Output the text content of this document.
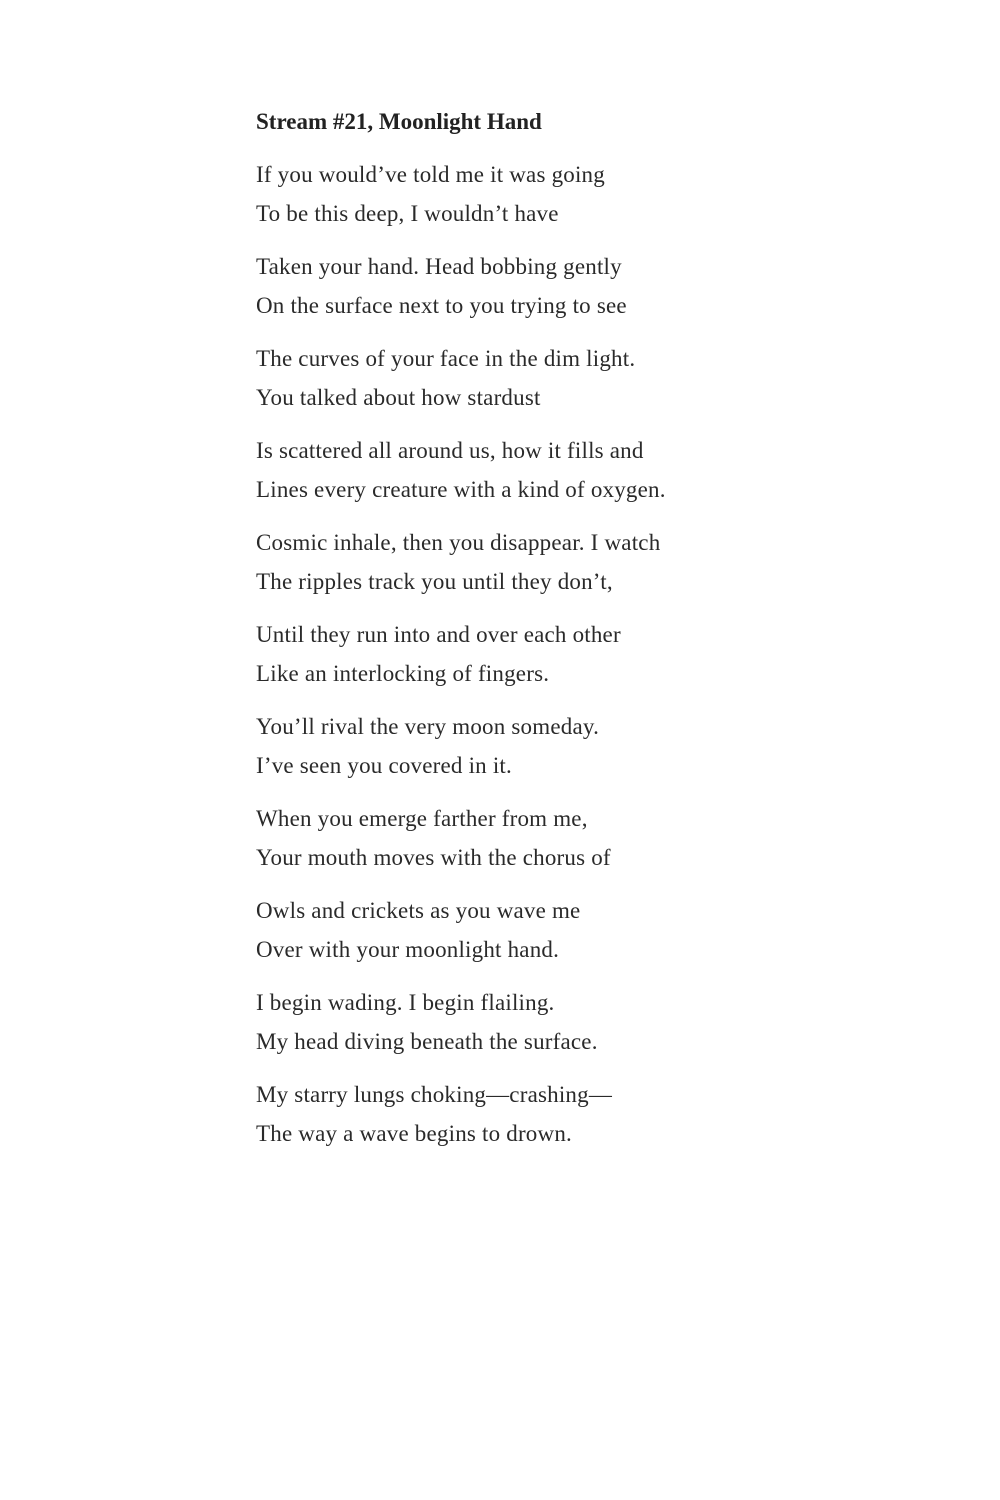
Stream #21, Moonlight Hand
If you would’ve told me it was going
To be this deep, I wouldn’t have
Taken your hand. Head bobbing gently
On the surface next to you trying to see
The curves of your face in the dim light.
You talked about how stardust
Is scattered all around us, how it fills and
Lines every creature with a kind of oxygen.
Cosmic inhale, then you disappear. I watch
The ripples track you until they don’t,
Until they run into and over each other
Like an interlocking of fingers.
You’ll rival the very moon someday.
I’ve seen you covered in it.
When you emerge farther from me,
Your mouth moves with the chorus of
Owls and crickets as you wave me
Over with your moonlight hand.
I begin wading. I begin flailing.
My head diving beneath the surface.
My starry lungs choking—crashing—
The way a wave begins to drown.
